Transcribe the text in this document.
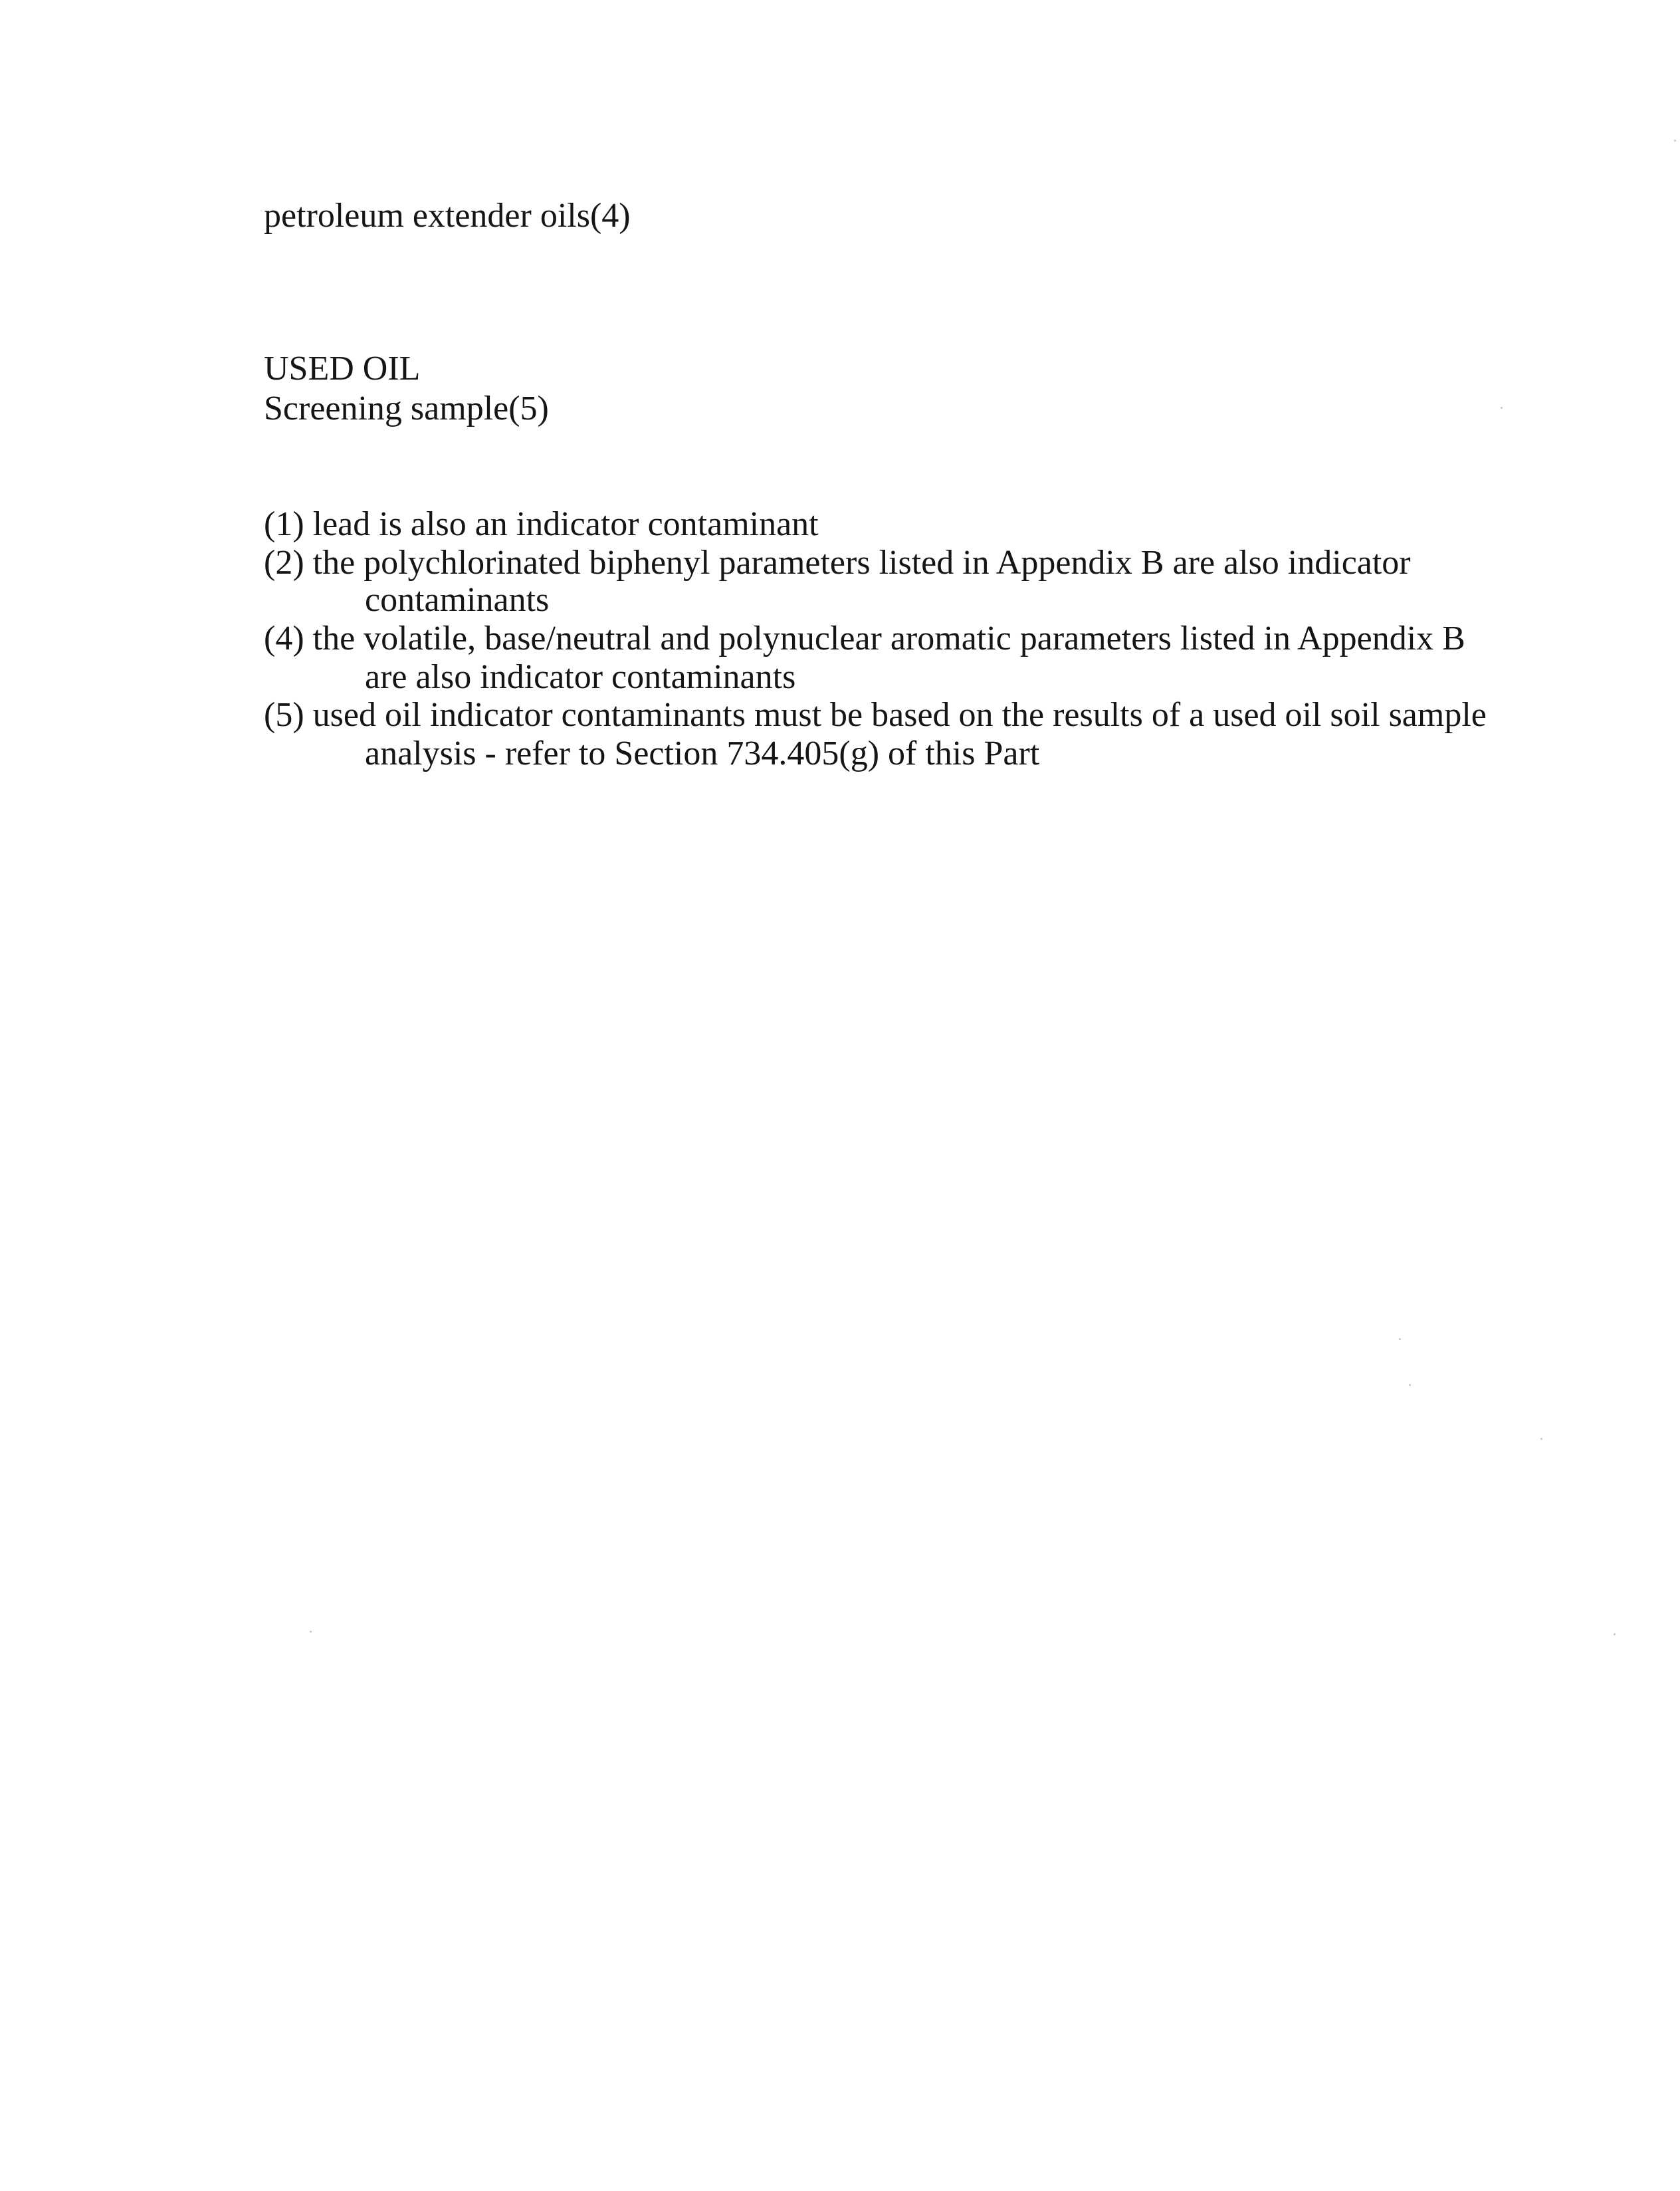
petroleum extender oils(4)

USED OIL

Screening sample(5)

(1) lead is also an indicator contaminant

(2) the polychlorinated biphenyl parameters listed in Appendix B are also indicator

contaminants

(4) the volatile, base/neutral and polynuclear aromatic parameters listed in Appendix B

are also indicator contaminants

(5) used oil indicator contaminants must be based on the results of a used oil soil sample

analysis - refer to Section 734.405(g) of this Part
